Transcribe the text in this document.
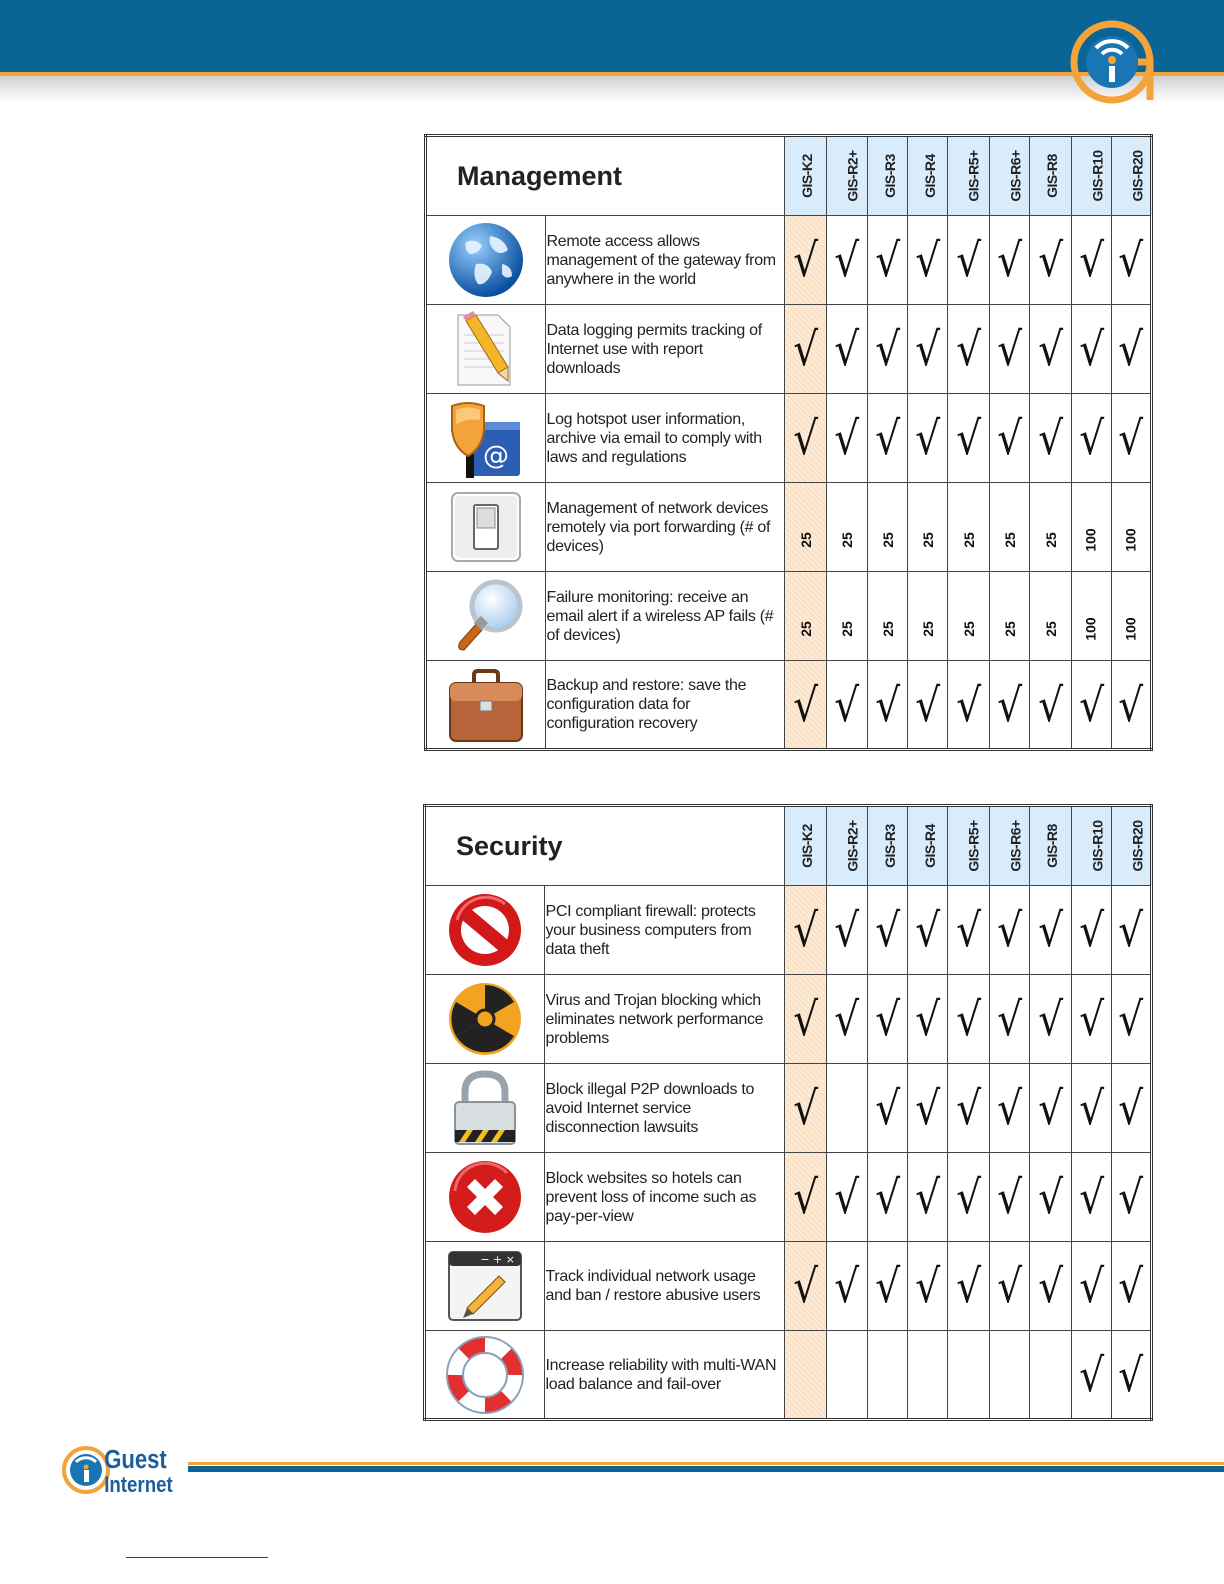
Management		GIS-K2	GIS-R2+	GIS-R3	GIS-R4	GIS-R5+	GIS-R6+	GIS-R8	GIS-R10	GIS-R20

	Remote access allows management of the gateway from anywhere in the world	√	√	√	√	√	√	√	√	√

	Data logging permits tracking of Internet use with report downloads	√	√	√	√	√	√	√	√	√

@	Log hotspot user information, archive via email to comply with laws and regulations	√	√	√	√	√	√	√	√	√

	Management of network devices remotely via port forwarding (# of devices)	25	25	25	25	25	25	25	100	100

	Failure monitoring: receive an email alert if a wireless AP fails (# of devices)	25	25	25	25	25	25	25	100	100

	Backup and restore: save the configuration data for configuration recovery	√	√	√	√	√	√	√	√	√
Security		GIS-K2	GIS-R2+	GIS-R3	GIS-R4	GIS-R5+	GIS-R6+	GIS-R8	GIS-R10	GIS-R20

	PCI compliant firewall: protects your business computers from data theft	√	√	√	√	√	√	√	√	√

	Virus and Trojan blocking which eliminates network performance problems	√	√	√	√	√	√	√	√	√

	Block illegal P2P downloads to avoid Internet service disconnection lawsuits	√		√	√	√	√	√	√	√

	Block websites so hotels can prevent loss of income such as pay-per-view	√	√	√	√	√	√	√	√	√

− + ×	Track individual network usage and ban / restore abusive users	√	√	√	√	√	√	√	√	√

	Increase reliability with multi-WAN load balance and fail-over								√	√
Guest
Internet
